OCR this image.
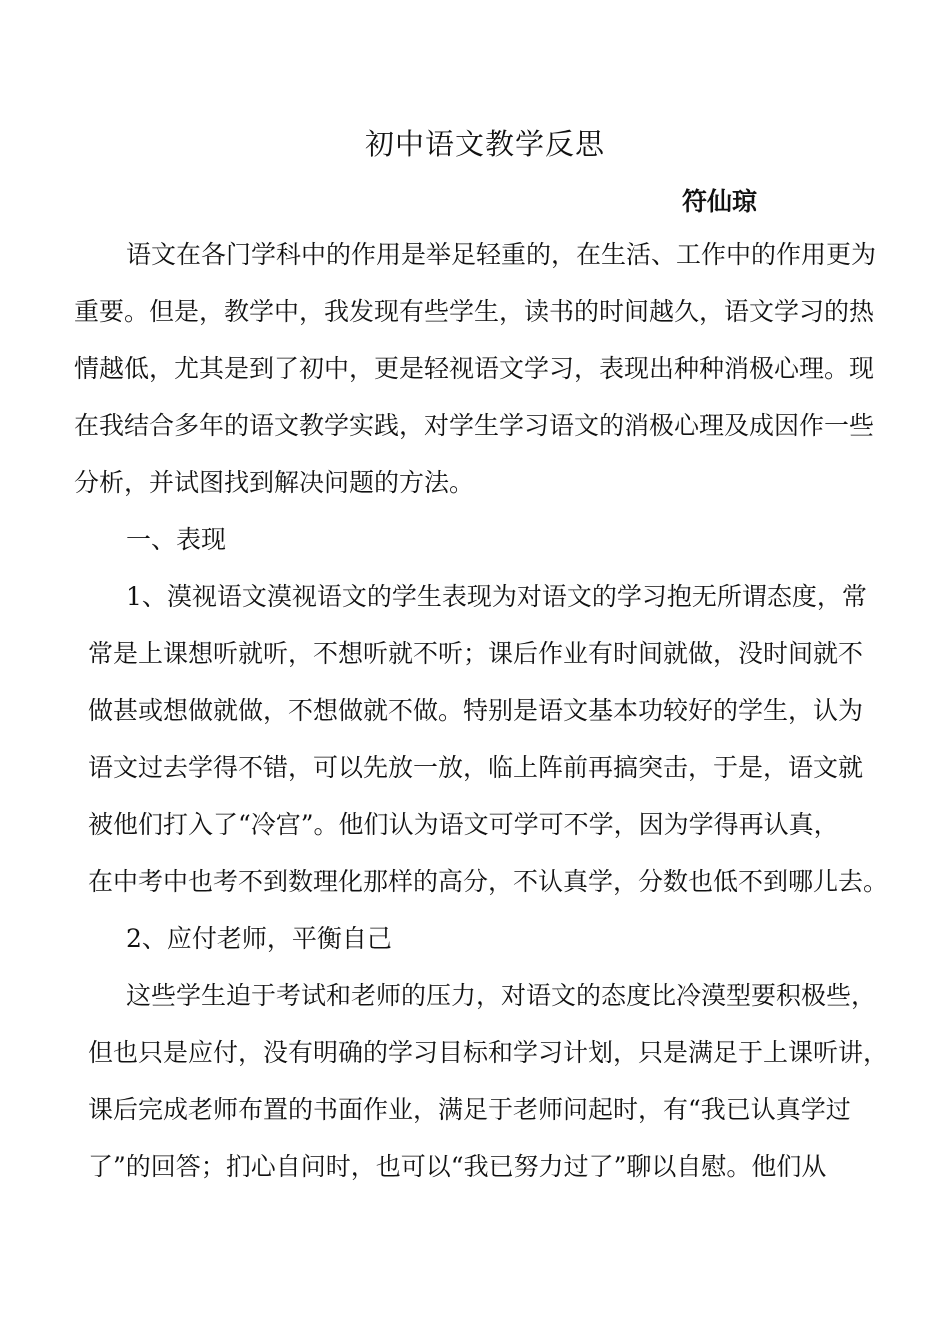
初中语文教学反思
符仙琼
语文在各门学科中的作用是举足轻重的，在生活、工作中的作用更为
重要。但是，教学中，我发现有些学生，读书的时间越久，语文学习的热
情越低，尤其是到了初中，更是轻视语文学习，表现出种种消极心理。现
在我结合多年的语文教学实践，对学生学习语文的消极心理及成因作一些
分析，并试图找到解决问题的方法。
一、表现
1、漠视语文漠视语文的学生表现为对语文的学习抱无所谓态度，常
常是上课想听就听，不想听就不听；课后作业有时间就做，没时间就不
做甚或想做就做，不想做就不做。特别是语文基本功较好的学生，认为
语文过去学得不错，可以先放一放，临上阵前再搞突击，于是，语文就
被他们打入了“冷宫”。他们认为语文可学可不学，因为学得再认真，
在中考中也考不到数理化那样的高分，不认真学，分数也低不到哪儿去。
2、应付老师，平衡自己
这些学生迫于考试和老师的压力，对语文的态度比冷漠型要积极些，
但也只是应付，没有明确的学习目标和学习计划，只是满足于上课听讲，
课后完成老师布置的书面作业，满足于老师问起时，有“我已认真学过
了”的回答；扪心自问时，也可以“我已努力过了”聊以自慰。他们从
